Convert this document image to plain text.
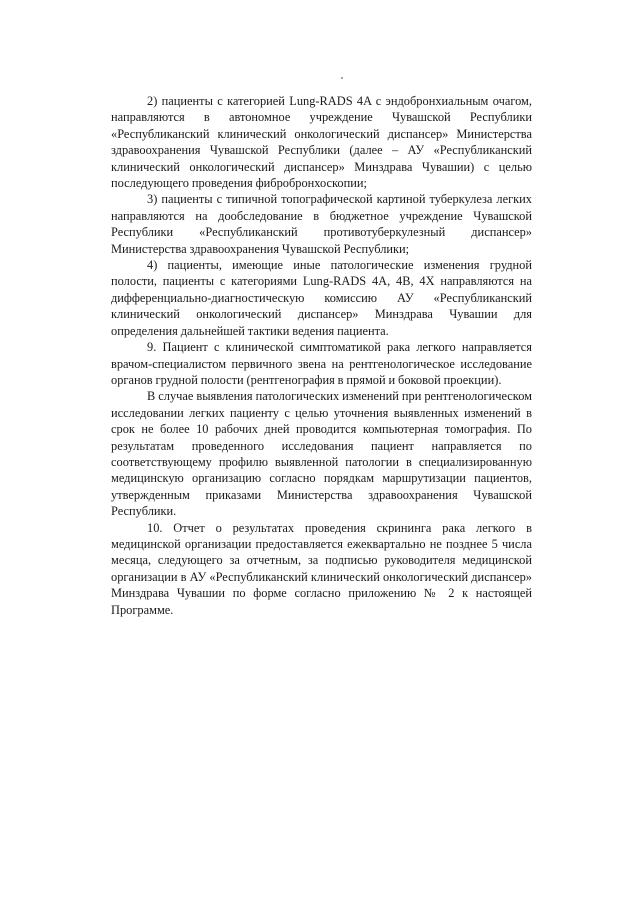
2) пациенты с категорией Lung-RADS 4A с эндобронхиальным очагом, направляются в автономное учреждение Чувашской Республики «Республиканский клинический онкологический диспансер» Министерства здравоохранения Чувашской Республики (далее – АУ «Республиканский клинический онкологический диспансер» Минздрава Чувашии) с целью последующего проведения фибробронхоскопии;

3) пациенты с типичной топографической картиной туберкулеза легких направляются на дообследование в бюджетное учреждение Чувашской Республики «Республиканский противотуберкулезный диспансер» Министерства здравоохранения Чувашской Республики;

4) пациенты, имеющие иные патологические изменения грудной полости, пациенты с категориями Lung-RADS 4A, 4B, 4X направляются на дифференциально-диагностическую комиссию АУ «Республиканский клинический онкологический диспансер» Минздрава Чувашии для определения дальнейшей тактики ведения пациента.

9. Пациент с клинической симптоматикой рака легкого направляется врачом-специалистом первичного звена на рентгенологическое исследование органов грудной полости (рентгенография в прямой и боковой проекции).

В случае выявления патологических изменений при рентгенологическом исследовании легких пациенту с целью уточнения выявленных изменений в срок не более 10 рабочих дней проводится компьютерная томография. По результатам проведенного исследования пациент направляется по соответствующему профилю выявленной патологии в специализированную медицинскую организацию согласно порядкам маршрутизации пациентов, утвержденным приказами Министерства здравоохранения Чувашской Республики.

10. Отчет о результатах проведения скрининга рака легкого в медицинской организации предоставляется ежеквартально не позднее 5 числа месяца, следующего за отчетным, за подписью руководителя медицинской организации в АУ «Республиканский клинический онкологический диспансер» Минздрава Чувашии по форме согласно приложению № 2 к настоящей Программе.
